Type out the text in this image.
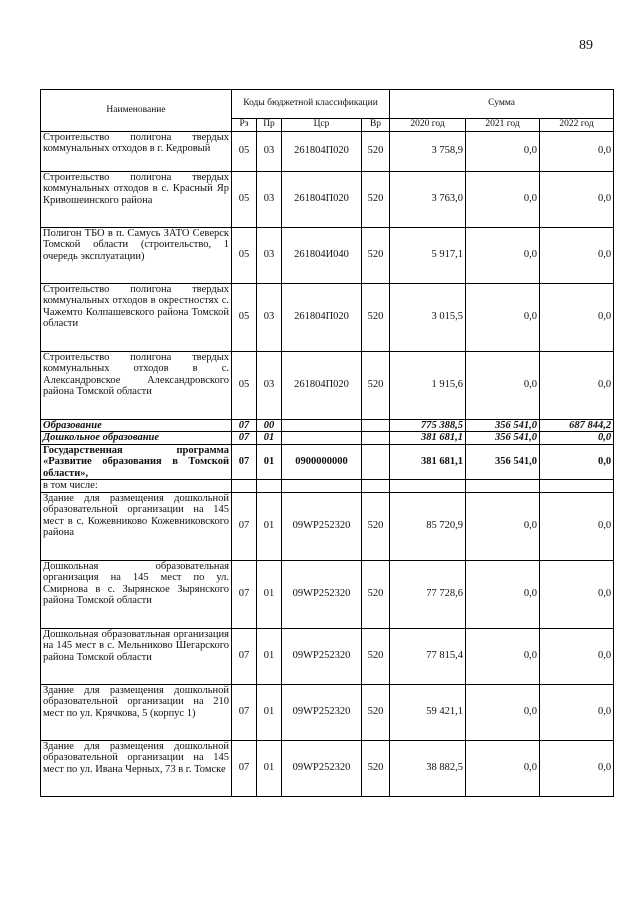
89
Наименование	Коды бюджетной классификации				Сумма		
	Рз	Пр	Цср	Вр	2020 год	2021 год	2022 год
Строительство полигона твердых коммунальных отходов в г. Кедровый	05	03	261804П020	520	3 758,9	0,0	0,0
Строительство полигона твердых коммунальных отходов в с. Красный Яр Кривошеинского района	05	03	261804П020	520	3 763,0	0,0	0,0
Полигон ТБО в п. Самусь ЗАТО Северск Томской области (строительство, 1 очередь эксплуатации)	05	03	261804И040	520	5 917,1	0,0	0,0
Строительство полигона твердых коммунальных отходов в окрестностях с. Чажемто Колпашевского района Томской области	05	03	261804П020	520	3 015,5	0,0	0,0
Строительство полигона твердых коммунальных отходов в с. Александровское Александровского района Томской области	05	03	261804П020	520	1 915,6	0,0	0,0
Образование	07	00			775 388,5	356 541,0	687 844,2
Дошкольное образование	07	01			381 681,1	356 541,0	0,0
Государственная программа «Развитие образования в Томской области»,	07	01	0900000000		381 681,1	356 541,0	0,0
в том числе:							
Здание для размещения дошкольной образовательной организации на 145 мест в с. Кожевниково Кожевниковского района	07	01	09WP252320	520	85 720,9	0,0	0,0
Дошкольная образовательная организация на 145 мест по ул. Смирнова в с. Зырянское Зырянского района Томской области	07	01	09WP252320	520	77 728,6	0,0	0,0
Дошкольная образоватльная организация на 145 мест в с. Мельниково Шегарского района Томской области	07	01	09WP252320	520	77 815,4	0,0	0,0
Здание для размещения дошкольной образовательной организации на 210 мест по ул. Крячкова, 5 (корпус 1)	07	01	09WP252320	520	59 421,1	0,0	0,0
Здание для размещения дошкольной образовательной организации на 145 мест по ул. Ивана Черных, 73 в г. Томске	07	01	09WP252320	520	38 882,5	0,0	0,0
